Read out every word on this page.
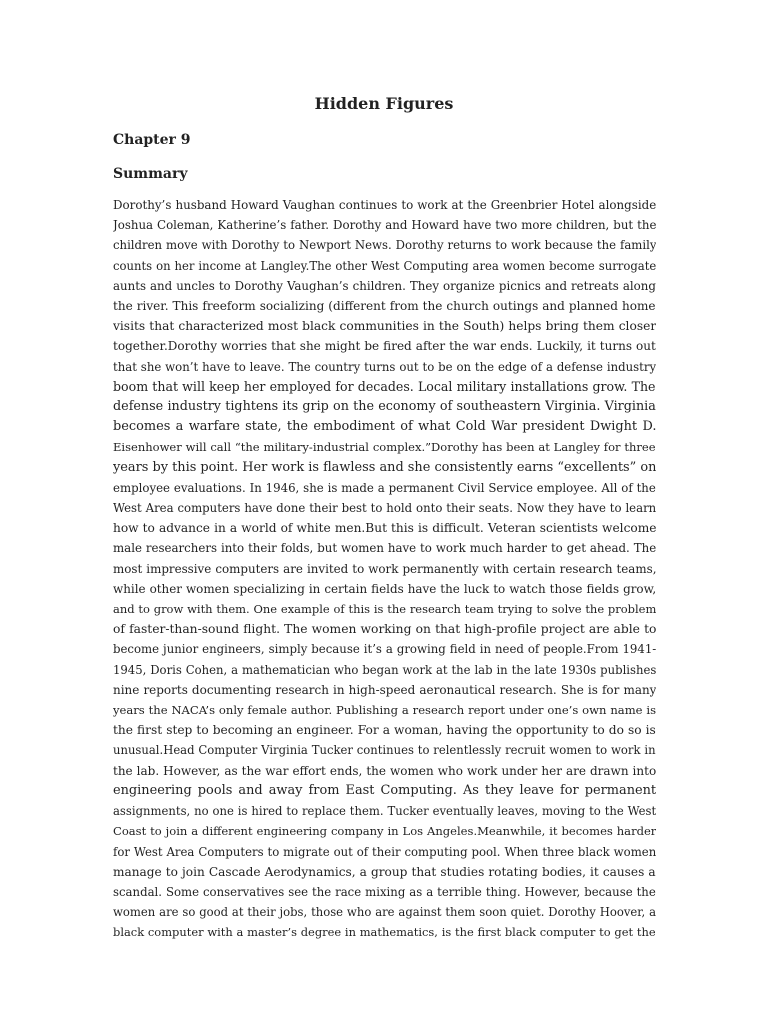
Hidden Figures
Chapter 9
Summary
Dorothy’s husband Howard Vaughan continues to work at the Greenbrier Hotel alongside
Joshua Coleman, Katherine’s father. Dorothy and Howard have two more children, but the
children move with Dorothy to Newport News. Dorothy returns to work because the family
counts on her income at Langley.The other West Computing area women become surrogate
aunts and uncles to Dorothy Vaughan’s children. They organize picnics and retreats along
the river. This freeform socializing (different from the church outings and planned home
visits that characterized most black communities in the South) helps bring them closer
together.Dorothy worries that she might be fired after the war ends. Luckily, it turns out
that she won’t have to leave. The country turns out to be on the edge of a defense industry
boom that will keep her employed for decades. Local military installations grow. The
defense industry tightens its grip on the economy of southeastern Virginia. Virginia
becomes a warfare state, the embodiment of what Cold War president Dwight D.
Eisenhower will call “the military-industrial complex.”Dorothy has been at Langley for three
years by this point. Her work is flawless and she consistently earns “excellents” on
employee evaluations. In 1946, she is made a permanent Civil Service employee. All of the
West Area computers have done their best to hold onto their seats. Now they have to learn
how to advance in a world of white men.But this is difficult. Veteran scientists welcome
male researchers into their folds, but women have to work much harder to get ahead. The
most impressive computers are invited to work permanently with certain research teams,
while other women specializing in certain fields have the luck to watch those fields grow,
and to grow with them. One example of this is the research team trying to solve the problem
of faster-than-sound flight. The women working on that high-profile project are able to
become junior engineers, simply because it’s a growing field in need of people.From 1941-
1945, Doris Cohen, a mathematician who began work at the lab in the late 1930s publishes
nine reports documenting research in high-speed aeronautical research. She is for many
years the NACA’s only female author. Publishing a research report under one’s own name is
the first step to becoming an engineer. For a woman, having the opportunity to do so is
unusual.Head Computer Virginia Tucker continues to relentlessly recruit women to work in
the lab. However, as the war effort ends, the women who work under her are drawn into
engineering pools and away from East Computing. As they leave for permanent
assignments, no one is hired to replace them. Tucker eventually leaves, moving to the West
Coast to join a different engineering company in Los Angeles.Meanwhile, it becomes harder
for West Area Computers to migrate out of their computing pool. When three black women
manage to join Cascade Aerodynamics, a group that studies rotating bodies, it causes a
scandal. Some conservatives see the race mixing as a terrible thing. However, because the
women are so good at their jobs, those who are against them soon quiet. Dorothy Hoover, a
black computer with a master’s degree in mathematics, is the first black computer to get the
